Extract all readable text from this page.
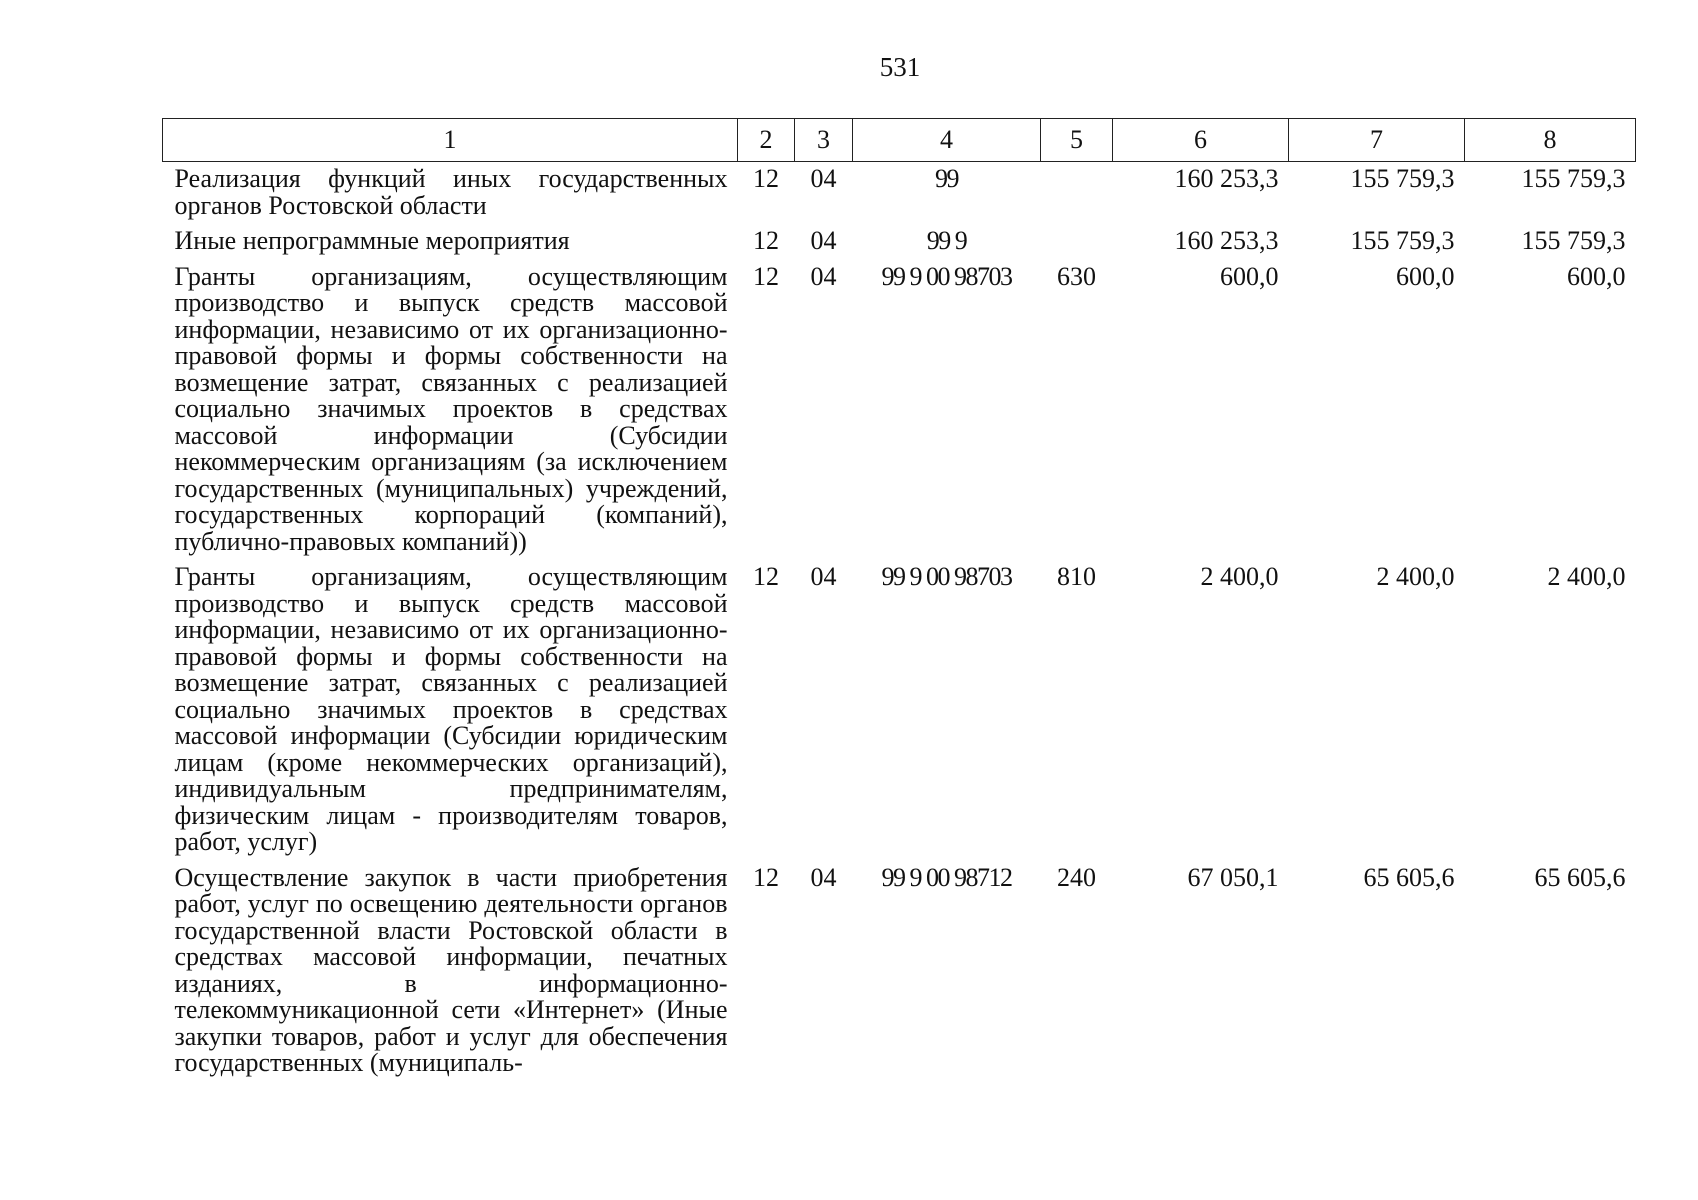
531
1	2	3	4	5	6	7	8
Реализация функций иных государственных органов Ростовской области	12	04	99		160 253,3	155 759,3	155 759,3
Иные непрограммные мероприятия	12	04	99 9		160 253,3	155 759,3	155 759,3
Гранты организациям, осуществляющим производство и выпуск средств массовой информации, независимо от их организационно-правовой формы и формы собственности на возмещение затрат, связанных с реализацией социально значимых проектов в средствах массовой информации (Субсидии некоммерческим организациям (за исключением государственных (муниципальных) учреждений, государственных корпораций (компаний), публично-правовых компаний))	12	04	99 9 00 98703	630	600,0	600,0	600,0
Гранты организациям, осуществляющим производство и выпуск средств массовой информации, независимо от их организационно-правовой формы и формы собственности на возмещение затрат, связанных с реализацией социально значимых проектов в средствах массовой информации (Субсидии юридическим лицам (кроме некоммерческих организаций), индивидуальным предпринимателям, физическим лицам - производителям товаров, работ, услуг)	12	04	99 9 00 98703	810	2 400,0	2 400,0	2 400,0
Осуществление закупок в части приобретения работ, услуг по освещению деятельности органов государственной власти Ростовской области в средствах массовой информации, печатных изданиях, в информационно-телекоммуникационной сети «Интернет» (Иные закупки товаров, работ и услуг для обеспечения государственных (муниципаль-	12	04	99 9 00 98712	240	67 050,1	65 605,6	65 605,6
